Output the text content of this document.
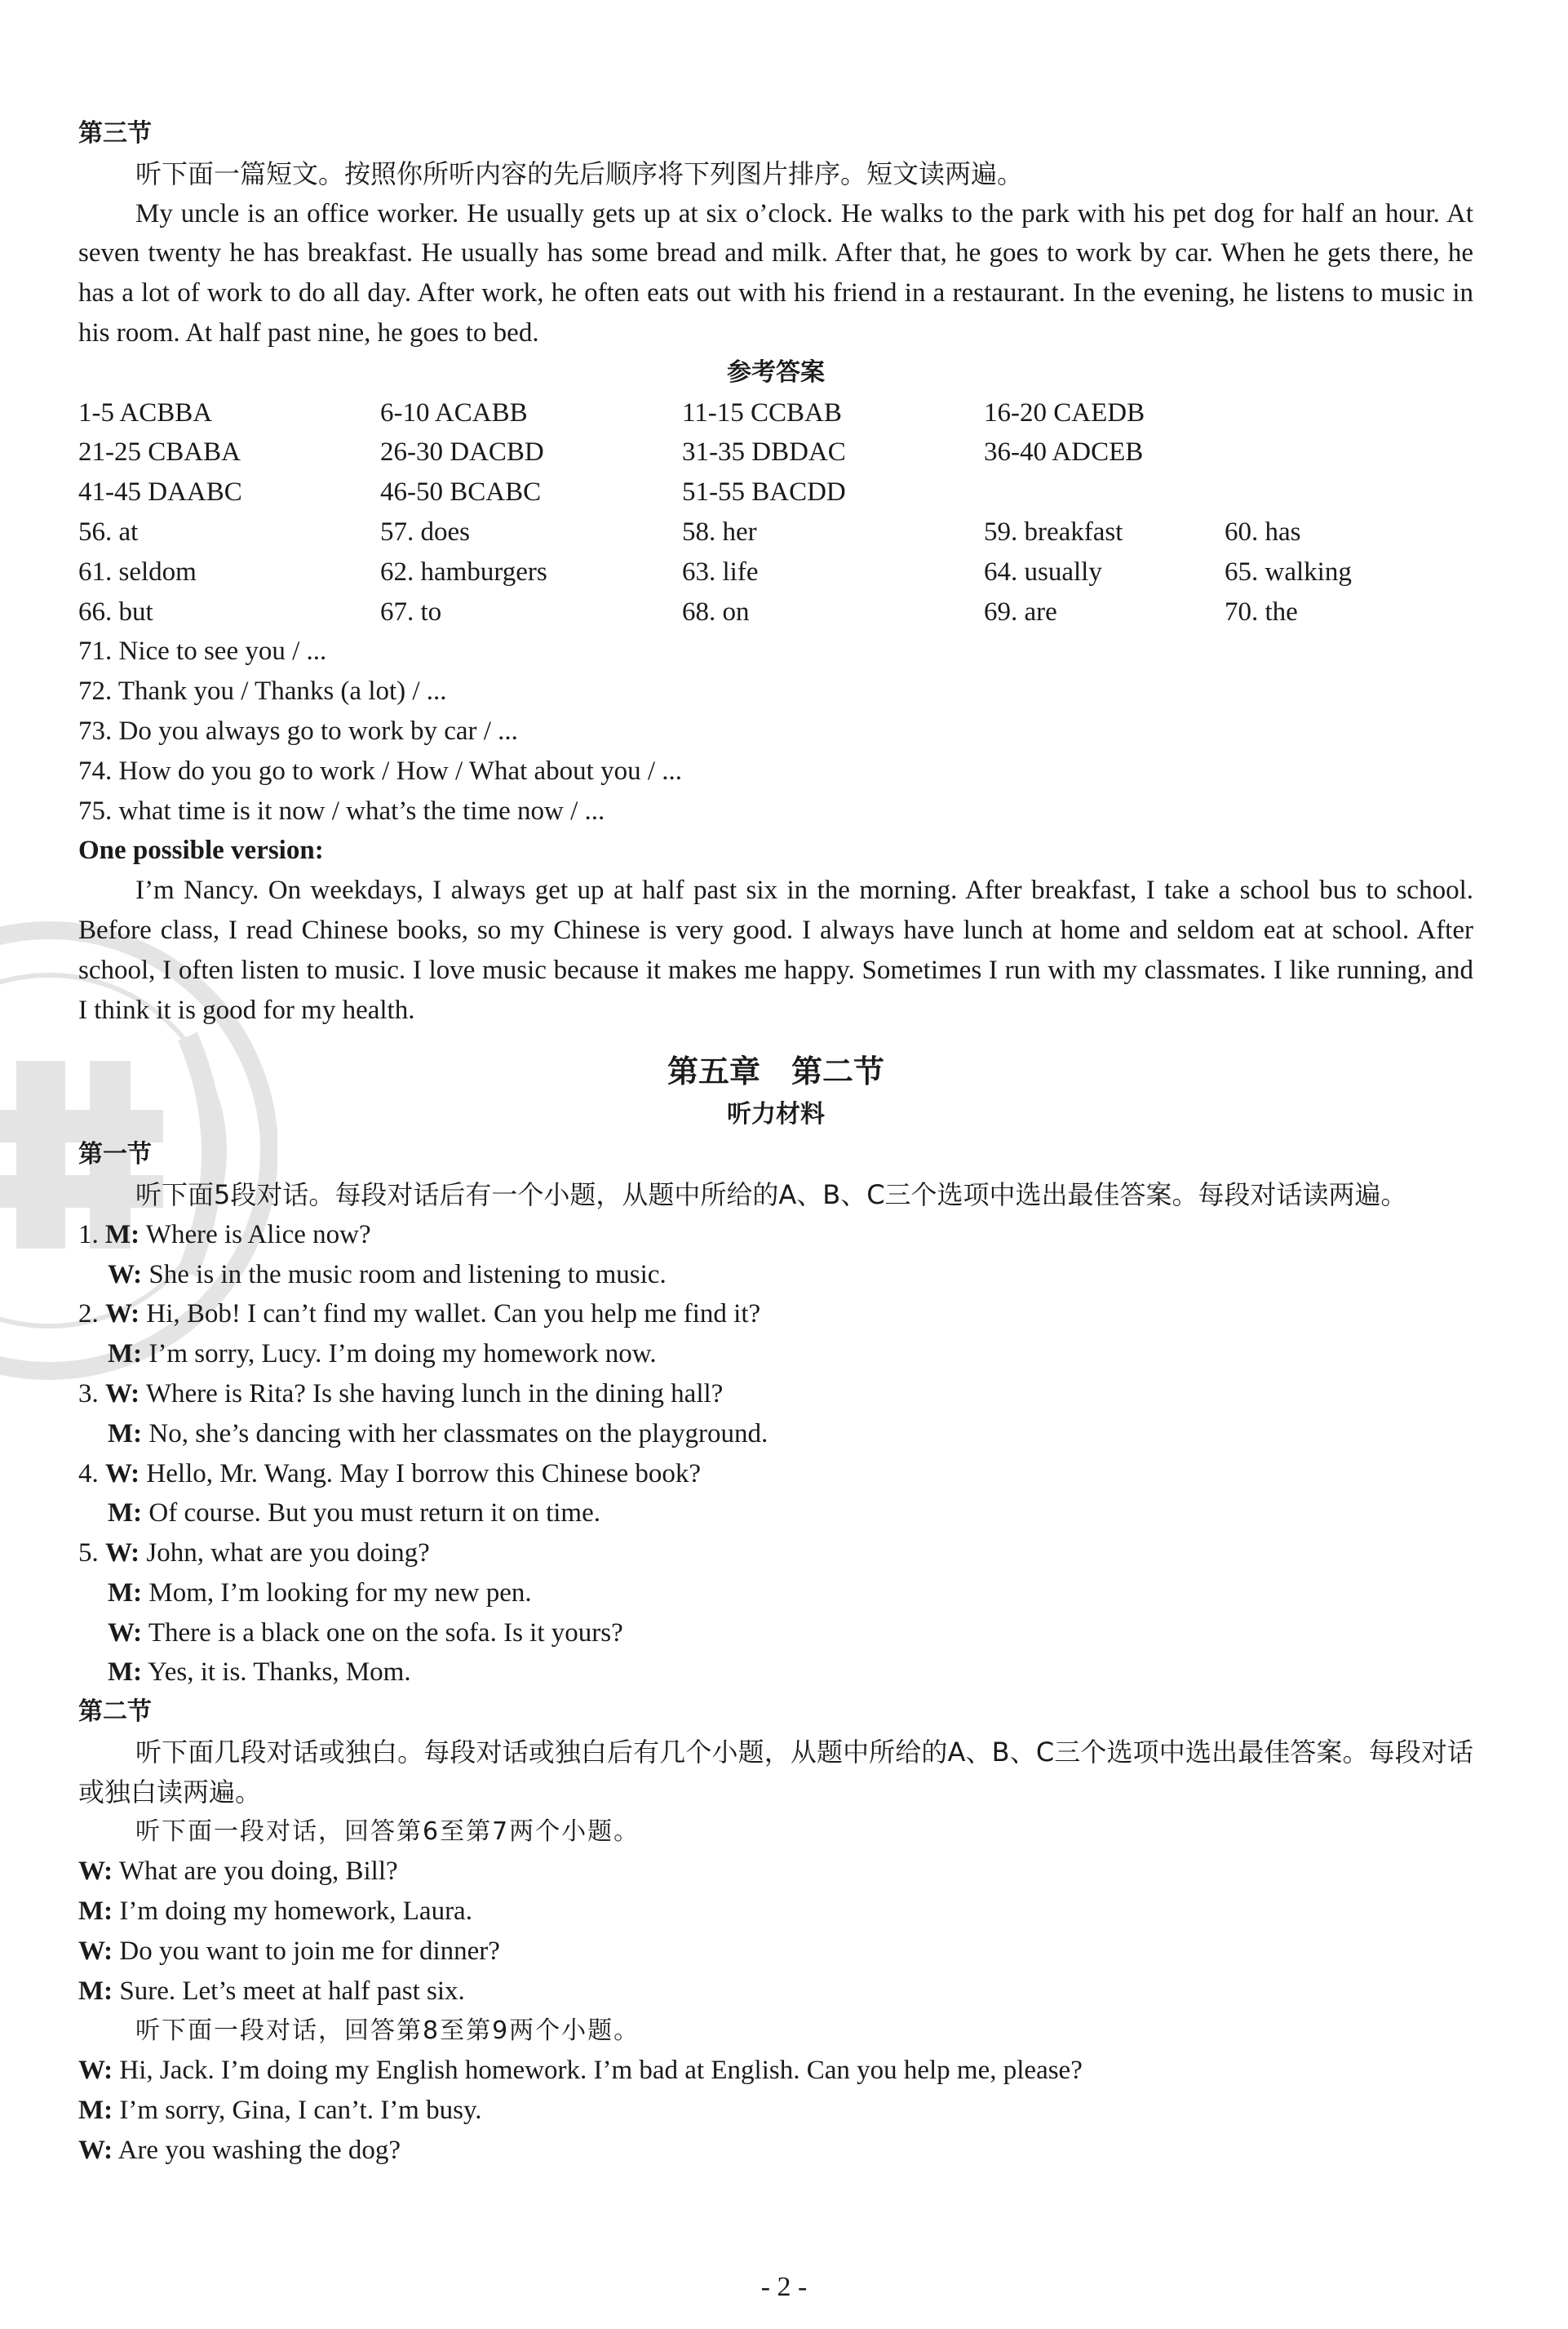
第三节
听下面一篇短文。按照你所听内容的先后顺序将下列图片排序。短文读两遍。
My uncle is an office worker. He usually gets up at six o’clock. He walks to the park with his pet dog for half an hour. At seven twenty he has breakfast. He usually has some bread and milk. After that, he goes to work by car. When he gets there, he has a lot of work to do all day. After work, he often eats out with his friend in a restaurant. In the evening, he listens to music in his room. At half past nine, he goes to bed.
参考答案
1-5 ACBBA	6-10 ACABB	11-15 CCBAB	16-20 CAEDB
21-25 CBABA	26-30 DACBD	31-35 DBDAC	36-40 ADCEB
41-45 DAABC	46-50 BCABC	51-55 BACDD
56. at	57. does	58. her	59. breakfast	60. has
61. seldom	62. hamburgers	63. life	64. usually	65. walking
66. but	67. to	68. on	69. are	70. the
71. Nice to see you / ...
72. Thank you / Thanks (a lot) / ...
73. Do you always go to work by car / ...
74. How do you go to work / How / What about you / ...
75. what time is it now / what’s the time now / ...
One possible version:
I’m Nancy. On weekdays, I always get up at half past six in the morning. After breakfast, I take a school bus to school. Before class, I read Chinese books, so my Chinese is very good. I always have lunch at home and seldom eat at school. After school, I often listen to music. I love music because it makes me happy. Sometimes I run with my classmates. I like running, and I think it is good for my health.
第五章　第二节
听力材料
第一节
听下面5段对话。每段对话后有一个小题，从题中所给的A、B、C三个选项中选出最佳答案。每段对话读两遍。
1. M: Where is Alice now?
W: She is in the music room and listening to music.
2. W: Hi, Bob! I can’t find my wallet. Can you help me find it?
M: I’m sorry, Lucy. I’m doing my homework now.
3. W: Where is Rita? Is she having lunch in the dining hall?
M: No, she’s dancing with her classmates on the playground.
4. W: Hello, Mr. Wang. May I borrow this Chinese book?
M: Of course. But you must return it on time.
5. W: John, what are you doing?
M: Mom, I’m looking for my new pen.
W: There is a black one on the sofa. Is it yours?
M: Yes, it is. Thanks, Mom.
第二节
听下面几段对话或独白。每段对话或独白后有几个小题，从题中所给的A、B、C三个选项中选出最佳答案。每段对话或独白读两遍。
听下面一段对话，回答第6至第7两个小题。
W: What are you doing, Bill?
M: I’m doing my homework, Laura.
W: Do you want to join me for dinner?
M: Sure. Let’s meet at half past six.
听下面一段对话，回答第8至第9两个小题。
W: Hi, Jack. I’m doing my English homework. I’m bad at English. Can you help me, please?
M: I’m sorry, Gina, I can’t. I’m busy.
W: Are you washing the dog?
- 2 -
